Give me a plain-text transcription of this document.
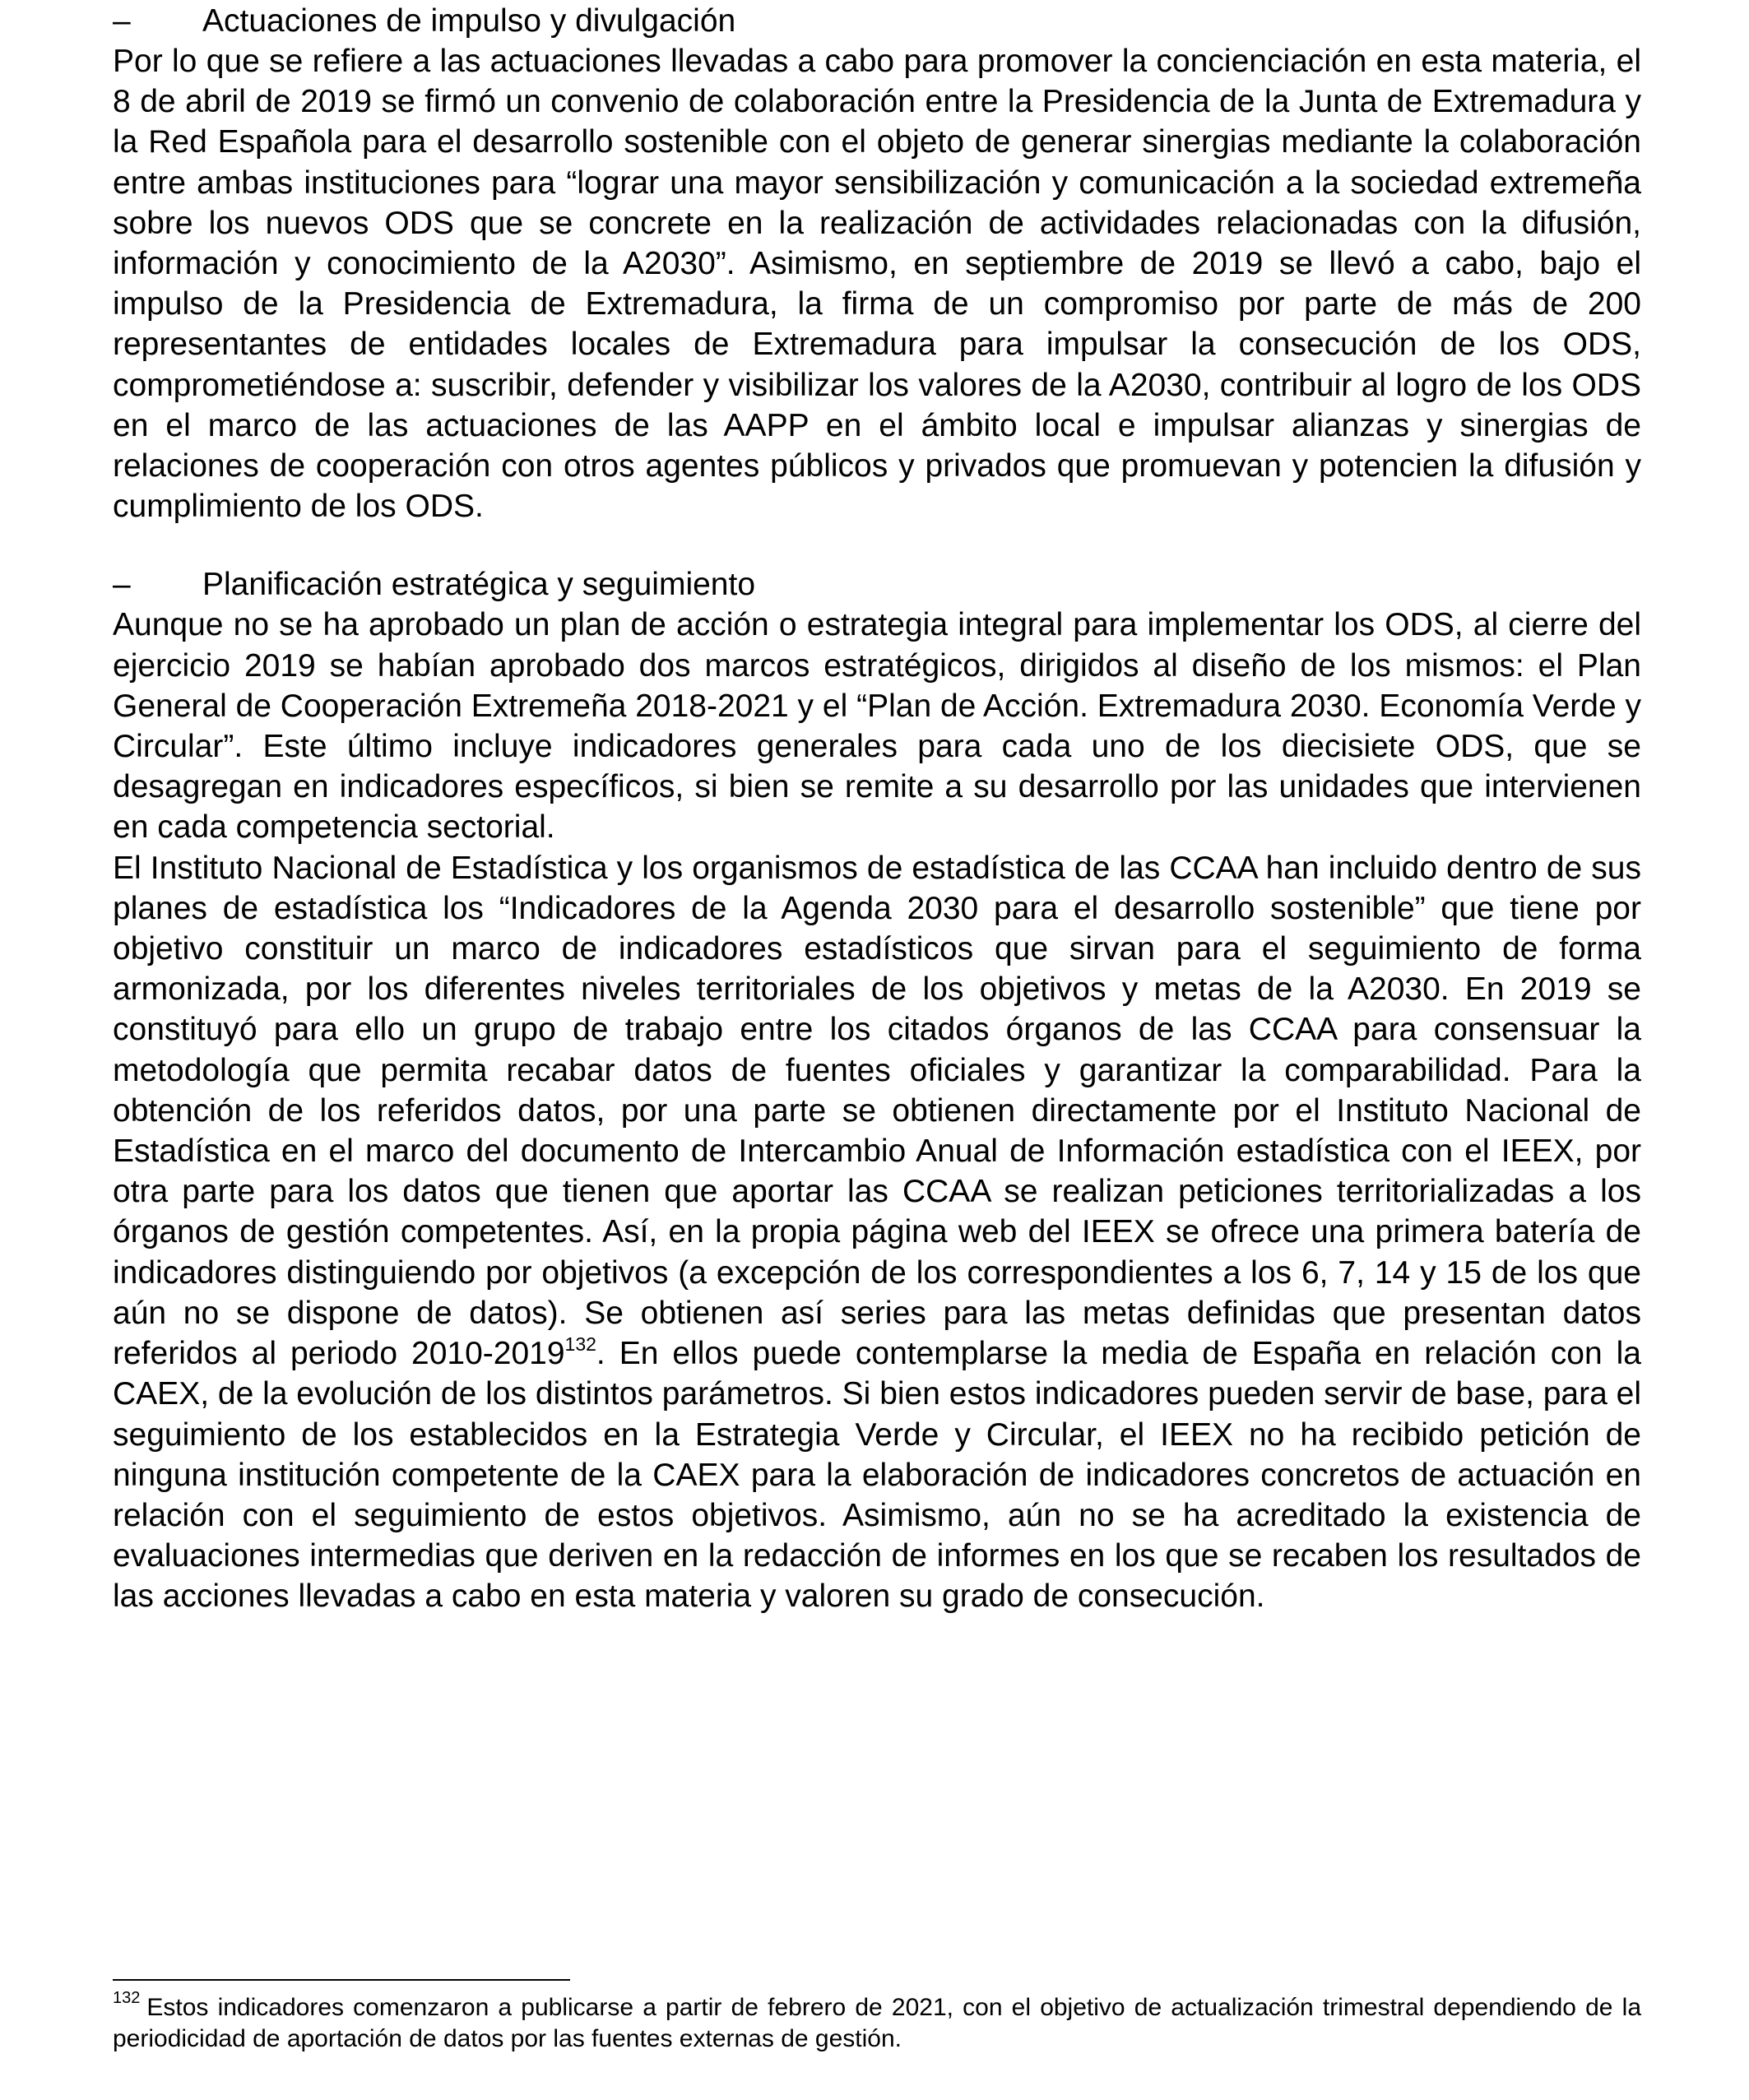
– Actuaciones de impulso y divulgación

Por lo que se refiere a las actuaciones llevadas a cabo para promover la concienciación en esta materia, el 8 de abril de 2019 se firmó un convenio de colaboración entre la Presidencia de la Junta de Extremadura y la Red Española para el desarrollo sostenible con el objeto de generar sinergias mediante la colaboración entre ambas instituciones para “lograr una mayor sensibilización y comunicación a la sociedad extremeña sobre los nuevos ODS que se concrete en la realización de actividades relacionadas con la difusión, información y conocimiento de la A2030”. Asimismo, en septiembre de 2019 se llevó a cabo, bajo el impulso de la Presidencia de Extremadura, la firma de un compromiso por parte de más de 200 representantes de entidades locales de Extremadura para impulsar la consecución de los ODS, comprometiéndose a: suscribir, defender y visibilizar los valores de la A2030, contribuir al logro de los ODS en el marco de las actuaciones de las AAPP en el ámbito local e impulsar alianzas y sinergias de relaciones de cooperación con otros agentes públicos y privados que promuevan y potencien la difusión y cumplimiento de los ODS.

– Planificación estratégica y seguimiento

Aunque no se ha aprobado un plan de acción o estrategia integral para implementar los ODS, al cierre del ejercicio 2019 se habían aprobado dos marcos estratégicos, dirigidos al diseño de los mismos: el Plan General de Cooperación Extremeña 2018-2021 y el “Plan de Acción. Extremadura 2030. Economía Verde y Circular”. Este último incluye indicadores generales para cada uno de los diecisiete ODS, que se desagregan en indicadores específicos, si bien se remite a su desarrollo por las unidades que intervienen en cada competencia sectorial.

El Instituto Nacional de Estadística y los organismos de estadística de las CCAA han incluido dentro de sus planes de estadística los “Indicadores de la Agenda 2030 para el desarrollo sostenible” que tiene por objetivo constituir un marco de indicadores estadísticos que sirvan para el seguimiento de forma armonizada, por los diferentes niveles territoriales de los objetivos y metas de la A2030. En 2019 se constituyó para ello un grupo de trabajo entre los citados órganos de las CCAA para consensuar la metodología que permita recabar datos de fuentes oficiales y garantizar la comparabilidad. Para la obtención de los referidos datos, por una parte se obtienen directamente por el Instituto Nacional de Estadística en el marco del documento de Intercambio Anual de Información estadística con el IEEX, por otra parte para los datos que tienen que aportar las CCAA se realizan peticiones territorializadas a los órganos de gestión competentes. Así, en la propia página web del IEEX se ofrece una primera batería de indicadores distinguiendo por objetivos (a excepción de los correspondientes a los 6, 7, 14 y 15 de los que aún no se dispone de datos). Se obtienen así series para las metas definidas que presentan datos referidos al periodo 2010-2019$^{132}$. En ellos puede contemplarse la media de España en relación con la CAEX, de la evolución de los distintos parámetros. Si bien estos indicadores pueden servir de base, para el seguimiento de los establecidos en la Estrategia Verde y Circular, el IEEX no ha recibido petición de ninguna institución competente de la CAEX para la elaboración de indicadores concretos de actuación en relación con el seguimiento de estos objetivos. Asimismo, aún no se ha acreditado la existencia de evaluaciones intermedias que deriven en la redacción de informes en los que se recaben los resultados de las acciones llevadas a cabo en esta materia y valoren su grado de consecución.

$^{132}$ Estos indicadores comenzaron a publicarse a partir de febrero de 2021, con el objetivo de actualización trimestral dependiendo de la periodicidad de aportación de datos por las fuentes externas de gestión.
